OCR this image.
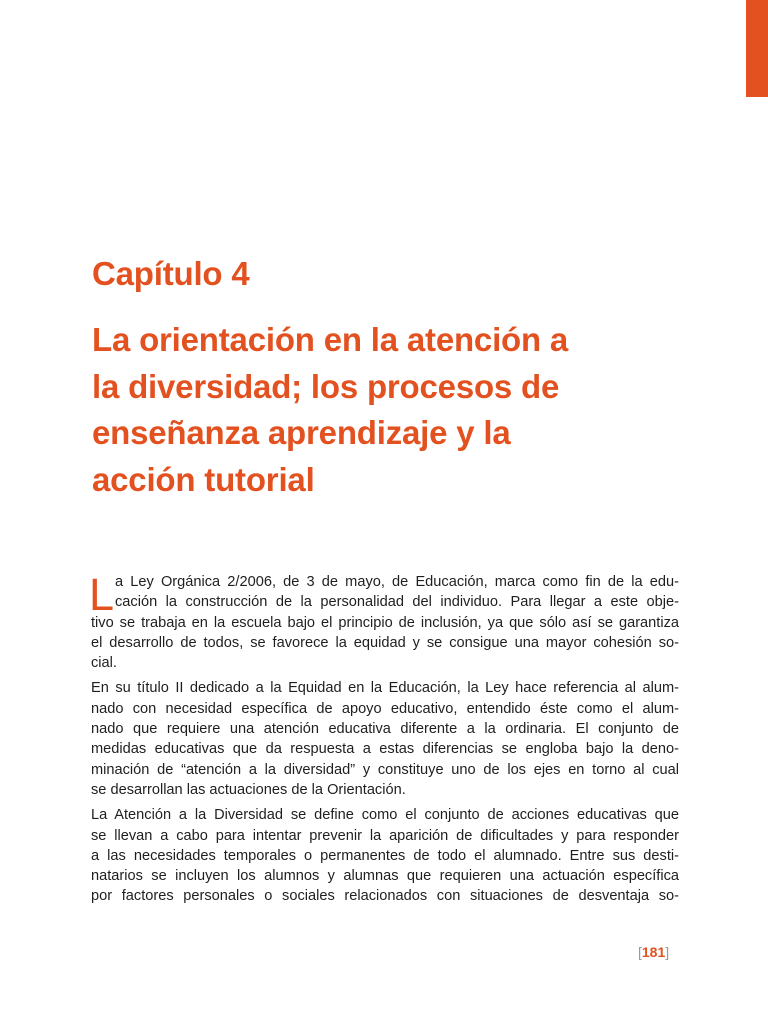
Capítulo 4
La orientación en la atención a
la diversidad; los procesos de
enseñanza aprendizaje y la
acción tutorial
L a Ley Orgánica 2/2006, de 3 de mayo, de Educación, marca como fin de la edu-
cación la construcción de la personalidad del individuo. Para llegar a este obje-
tivo se trabaja en la escuela bajo el principio de inclusión, ya que sólo así se garantiza
el desarrollo de todos, se favorece la equidad y se consigue una mayor cohesión so-
cial.

En su título II dedicado a la Equidad en la Educación, la Ley hace referencia al alum-
nado con necesidad específica de apoyo educativo, entendido éste como el alum-
nado que requiere una atención educativa diferente a la ordinaria. El conjunto de
medidas educativas que da respuesta a estas diferencias se engloba bajo la deno-
minación de “atención a la diversidad” y constituye uno de los ejes en torno al cual
se desarrollan las actuaciones de la Orientación.

La Atención a la Diversidad se define como el conjunto de acciones educativas que
se llevan a cabo para intentar prevenir la aparición de dificultades y para responder
a las necesidades temporales o permanentes de todo el alumnado. Entre sus desti-
natarios se incluyen los alumnos y alumnas que requieren una actuación específica
por factores personales o sociales relacionados con situaciones de desventaja so-

[181]
